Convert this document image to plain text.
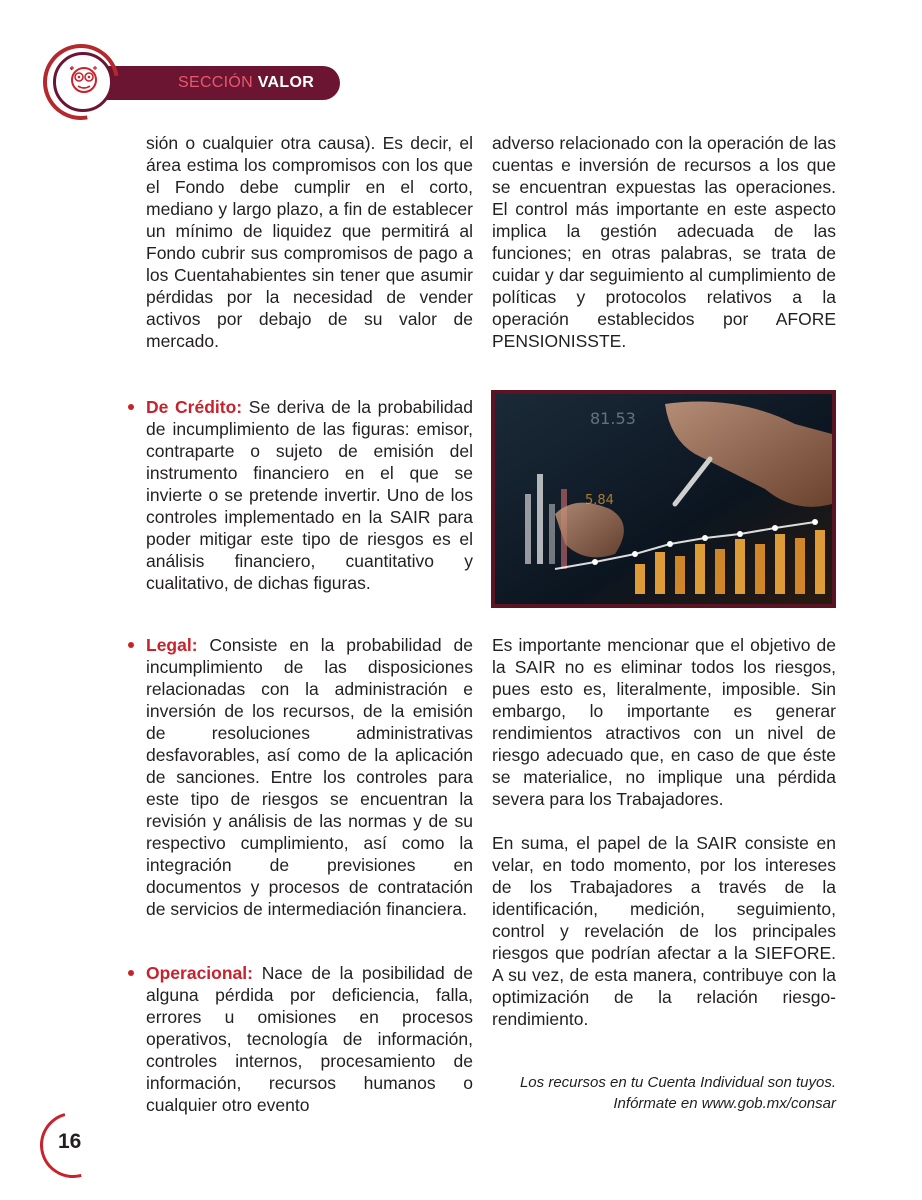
SECCIÓN VALOR

sión o cualquier otra causa). Es decir, el área estima los compromisos con los que el Fondo debe cumplir en el corto, mediano y largo plazo, a fin de establecer un mínimo de liquidez que permitirá al Fondo cubrir sus compromisos de pago a los Cuentahabientes sin tener que asumir pérdidas por la necesidad de vender activos por debajo de su valor de mercado.

De Crédito: Se deriva de la probabilidad de incumplimiento de las figuras: emisor, contraparte o sujeto de emisión del instrumento financiero en el que se invierte o se pretende invertir. Uno de los controles implementado en la SAIR para poder mitigar este tipo de riesgos es el análisis financiero, cuantitativo y cualitativo, de dichas figuras.

Legal: Consiste en la probabilidad de incumplimiento de las disposiciones relacionadas con la administración e inversión de los recursos, de la emisión de resoluciones administrativas desfavorables, así como de la aplicación de sanciones. Entre los controles para este tipo de riesgos se encuentran la revisión y análisis de las normas y de su respectivo cumplimiento, así como la integración de previsiones en documentos y procesos de contratación de servicios de intermediación financiera.

Operacional: Nace de la posibilidad de alguna pérdida por deficiencia, falla, errores u omisiones en procesos operativos, tecnología de información, controles internos, procesamiento de información, recursos humanos o cualquier otro evento

adverso relacionado con la operación de las cuentas e inversión de recursos a los que se encuentran expuestas las operaciones. El control más importante en este aspecto implica la gestión adecuada de las funciones; en otras palabras, se trata de cuidar y dar seguimiento al cumplimiento de políticas y protocolos relativos a la operación establecidos por AFORE PENSIONISSTE.

81.53
5.84

Es importante mencionar que el objetivo de la SAIR no es eliminar todos los riesgos, pues esto es, literalmente, imposible. Sin embargo, lo importante es generar rendimientos atractivos con un nivel de riesgo adecuado que, en caso de que éste se materialice, no implique una pérdida severa para los Trabajadores.

En suma, el papel de la SAIR consiste en velar, en todo momento, por los intereses de los Trabajadores a través de la identificación, medición, seguimiento, control y revelación de los principales riesgos que podrían afectar a la SIEFORE. A su vez, de esta manera, contribuye con la optimización de la relación riesgo-rendimiento.

Los recursos en tu Cuenta Individual son tuyos.
Infórmate en www.gob.mx/consar
16
